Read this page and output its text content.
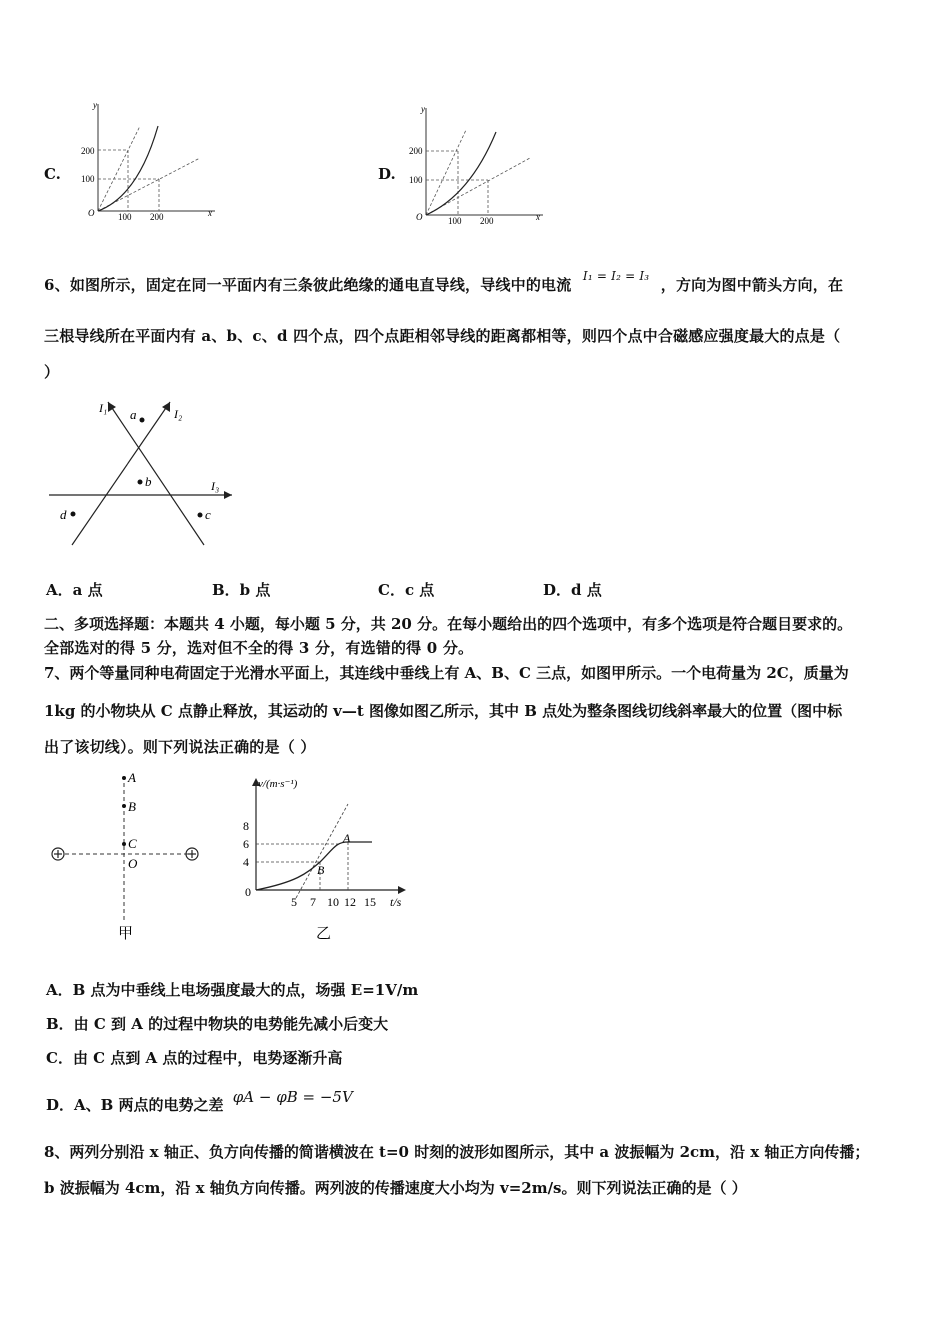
C.
y
x
O
200
100
100 200
D.
y
x
O
200
100
100 200
6、如图所示，固定在同一平面内有三条彼此绝缘的通电直导线，导线中的电流 $^{I_1 = I_2 = I_3}$ ，方向为图中箭头方向，在
三根导线所在平面内有 a、b、c、d 四个点，四个点距相邻导线的距离都相等，则四个点中合磁感应强度最大的点是（
）
I₁	I₂
I₃
a
b
c
d
A．a 点	B．b 点	C．c 点	D．d 点
二、多项选择题：本题共 4 小题，每小题 5 分，共 20 分。在每小题给出的四个选项中，有多个选项是符合题目要求的。
全部选对的得 5 分，选对但不全的得 3 分，有选错的得 0 分。
7、两个等量同种电荷固定于光滑水平面上，其连线中垂线上有 A、B、C 三点，如图甲所示。一个电荷量为 2C，质量为
1kg 的小物块从 C 点静止释放，其运动的 v—t 图像如图乙所示，其中 B 点处为整条图线切线斜率最大的位置（图中标
出了该切线）。则下列说法正确的是（ ）
A
B
C
O
甲
v/(m·s⁻¹)
t/s
8
6
4
0
A
B
5 7 10 12 15
乙
A．B 点为中垂线上电场强度最大的点，场强 E=1V/m
B．由 C 到 A 的过程中物块的电势能先减小后变大
C．由 C 点到 A 点的过程中，电势逐渐升高
D．A、B 两点的电势之差 φA − φB = −5V
8、两列分别沿 x 轴正、负方向传播的简谐横波在 t=0 时刻的波形如图所示，其中 a 波振幅为 2cm，沿 x 轴正方向传播；
b 波振幅为 4cm，沿 x 轴负方向传播。两列波的传播速度大小均为 v=2m/s。则下列说法正确的是（ ）
